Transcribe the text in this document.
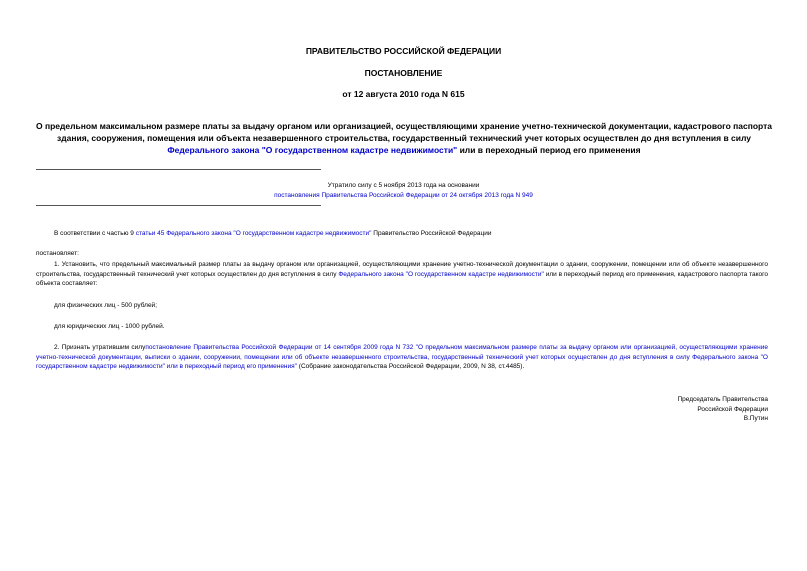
ПРАВИТЕЛЬСТВО РОССИЙСКОЙ ФЕДЕРАЦИИ
ПОСТАНОВЛЕНИЕ
от 12 августа 2010 года N 615
О предельном максимальном размере платы за выдачу органом или организацией, осуществляющими хранение учетно-технической документации, кадастрового паспорта здания, сооружения, помещения или объекта незавершенного строительства, государственный технический учет которых осуществлен до дня вступления в силу Федерального закона "О государственном кадастре недвижимости" или в переходный период его применения
Утратило силу с 5 ноября 2013 года на основании
постановления Правительства Российской Федерации от 24 октября 2013 года N 949
В соответствии с частью 9 статьи 45 Федерального закона "О государственном кадастре недвижимости" Правительство Российской Федерации
постановляет:
1. Установить, что предельный максимальный размер платы за выдачу органом или организацией, осуществляющими хранение учетно-технической документации о здании, сооружении, помещении или об объекте незавершенного строительства, государственный технический учет которых осуществлен до дня вступления в силу Федерального закона "О государственном кадастре недвижимости" или в переходный период его применения, кадастрового паспорта такого объекта составляет:
для физических лиц - 500 рублей;
для юридических лиц - 1000 рублей.
2. Признать утратившим силупостановление Правительства Российской Федерации от 14 сентября 2009 года N 732 "О предельном максимальном размере платы за выдачу органом или организацией, осуществляющими хранение учетно-технической документации, выписки о здании, сооружении, помещении или об объекте незавершенного строительства, государственный технический учет которых осуществлен до дня вступления в силу Федерального закона "О государственном кадастре недвижимости" или в переходный период его применения" (Собрание законодательства Российской Федерации, 2009, N 38, ст.4485).
Председатель Правительства
Российской Федерации
В.Путин
